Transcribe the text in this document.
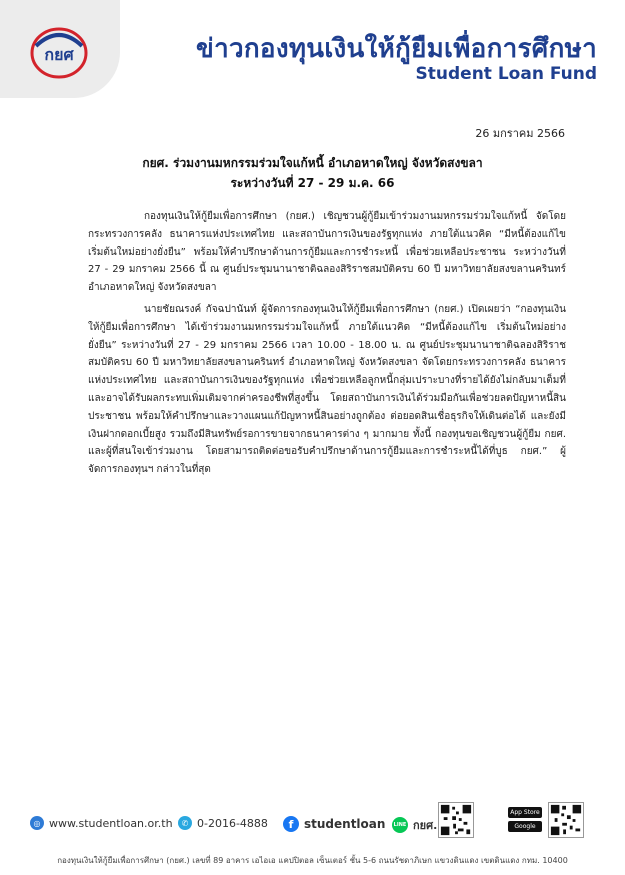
กยศ	ข่าวกองทุนเงินให้กู้ยืมเพื่อการศึกษา
Student Loan Fund
26 มกราคม 2566
กยศ. ร่วมงานมหกรรมร่วมใจแก้หนี้ อำเภอหาดใหญ่ จังหวัดสงขลา
ระหว่างวันที่ 27 - 29 ม.ค. 66

กองทุนเงินให้กู้ยืมเพื่อการศึกษา (กยศ.) เชิญชวนผู้กู้ยืมเข้าร่วมงานมหกรรมร่วมใจแก้หนี้ จัดโดยกระทรวงการคลัง ธนาคารแห่งประเทศไทย และสถาบันการเงินของรัฐทุกแห่ง ภายใต้แนวคิด “มีหนี้ต้องแก้ไข เริ่มต้นใหม่อย่างยั่งยืน” พร้อมให้คำปรึกษาด้านการกู้ยืมและการชำระหนี้ เพื่อช่วยเหลือประชาชน ระหว่างวันที่ 27 - 29 มกราคม 2566 นี้ ณ ศูนย์ประชุมนานาชาติฉลองสิริราชสมบัติครบ 60 ปี มหาวิทยาลัยสงขลานครินทร์ อำเภอหาดใหญ่ จังหวัดสงขลา

นายชัยณรงค์ กัจฉปานันท์ ผู้จัดการกองทุนเงินให้กู้ยืมเพื่อการศึกษา (กยศ.) เปิดเผยว่า “กองทุนเงินให้กู้ยืมเพื่อการศึกษา ได้เข้าร่วมงานมหกรรมร่วมใจแก้หนี้ ภายใต้แนวคิด “มีหนี้ต้องแก้ไข เริ่มต้นใหม่อย่างยั่งยืน” ระหว่างวันที่ 27 - 29 มกราคม 2566 เวลา 10.00 - 18.00 น. ณ ศูนย์ประชุมนานาชาติฉลองสิริราชสมบัติครบ 60 ปี มหาวิทยาลัยสงขลานครินทร์ อำเภอหาดใหญ่ จังหวัดสงขลา จัดโดยกระทรวงการคลัง ธนาคารแห่งประเทศไทย และสถาบันการเงินของรัฐทุกแห่ง เพื่อช่วยเหลือลูกหนี้กลุ่มเปราะบางที่รายได้ยังไม่กลับมาเต็มที่ และอาจได้รับผลกระทบเพิ่มเติมจากค่าครองชีพที่สูงขึ้น โดยสถาบันการเงินได้ร่วมมือกันเพื่อช่วยลดปัญหาหนี้สินประชาชน พร้อมให้คำปรึกษาและวางแผนแก้ปัญหาหนี้สินอย่างถูกต้อง ต่อยอดสินเชื่อธุรกิจให้เดินต่อได้ และยังมีเงินฝากดอกเบี้ยสูง รวมถึงมีสินทรัพย์รอการขายจากธนาคารต่าง ๆ มากมาย ทั้งนี้ กองทุนขอเชิญชวนผู้กู้ยืม กยศ. และผู้ที่สนใจเข้าร่วมงาน โดยสามารถติดต่อขอรับคำปรึกษาด้านการกู้ยืมและการชำระหนี้ได้ที่บูธ กยศ.” ผู้จัดการกองทุนฯ กล่าวในที่สุด

◎ www.studentloan.or.th	✆ 0-2016-4888	f studentloan LINE กยศ.
App Store
Google Play
กองทุนเงินให้กู้ยืมเพื่อการศึกษา (กยศ.) เลขที่ 89 อาคาร เอไอเอ แคปปิตอล เซ็นเตอร์ ชั้น 5-6 ถนนรัชดาภิเษก แขวงดินแดง เขตดินแดง กทม. 10400
